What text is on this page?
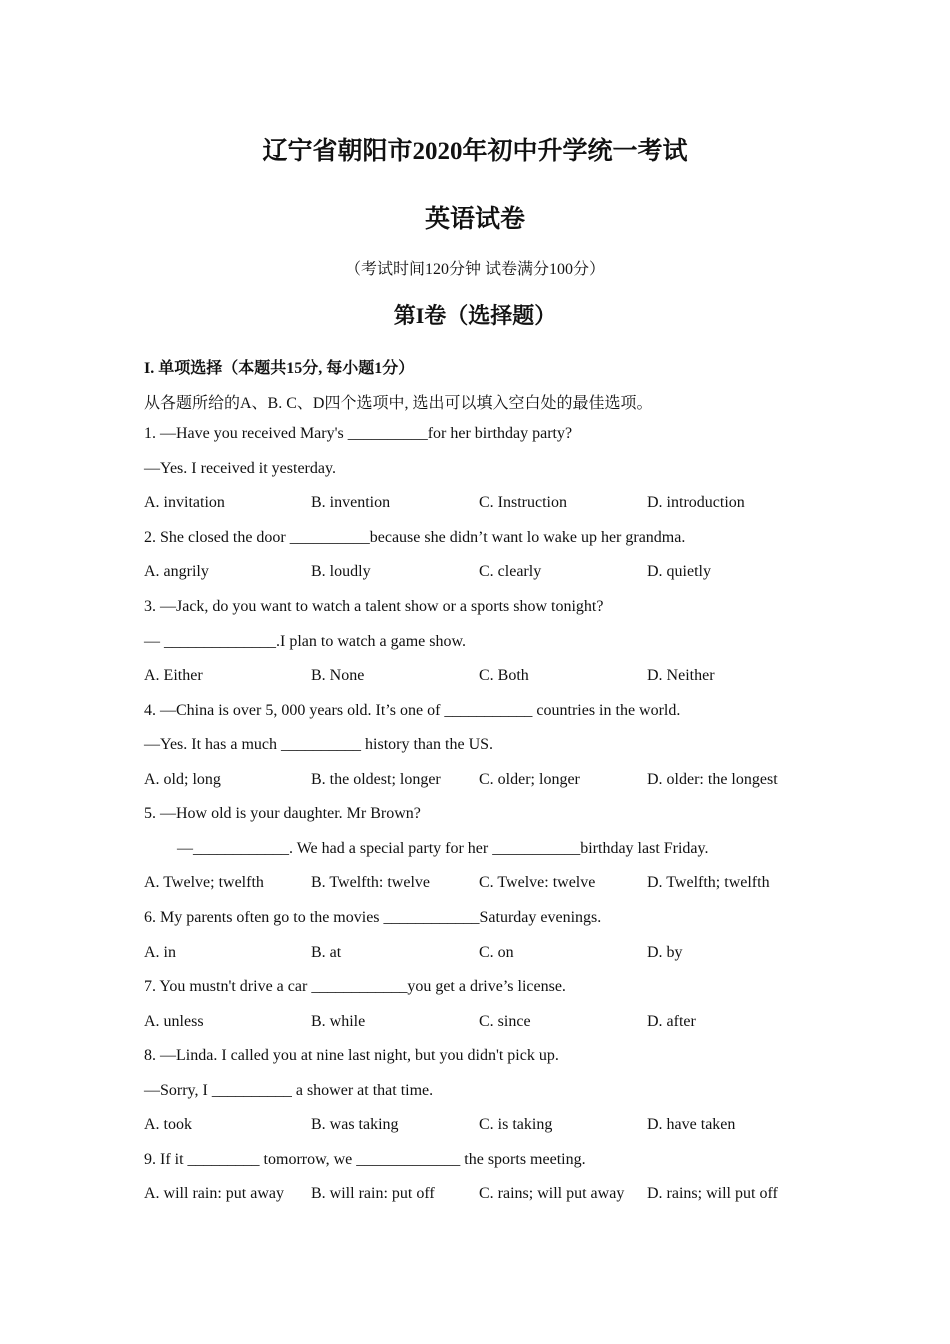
辽宁省朝阳市2020年初中升学统一考试
英语试卷
（考试时间120分钟 试卷满分100分）
第I卷（选择题）
I. 单项选择（本题共15分, 每小题1分）
从各题所给的A、B. C、D四个选项中, 选出可以填入空白处的最佳选项。
1. —Have you received Mary's __________for her birthday party?
—Yes. I received it yesterday.
A. invitation	B. invention	C. Instruction	D. introduction
2. She closed the door __________because she didn’t want lo wake up her grandma.
A. angrily	B. loudly	C. clearly	D. quietly
3. —Jack, do you want to watch a talent show or a sports show tonight?
— ______________.I plan to watch a game show.
A. Either	B. None	C. Both	D. Neither
4. —China is over 5, 000 years old. It’s one of ___________ countries in the world.
—Yes. It has a much __________ history than the US.
A. old; long	B. the oldest; longer C. older; longer	D. older: the longest
5. —How old is your daughter. Mr Brown?
—____________. We had a special party for her ___________birthday last Friday.
A. Twelve; twelfth	B. Twelfth: twelve	C. Twelve: twelve	D. Twelfth; twelfth
6. My parents often go to the movies ____________Saturday evenings.
A. in	B. at	C. on	D. by
7. You mustn't drive a car ____________you get a drive’s license.
A. unless	B. while	C. since	D. after
8. —Linda. I called you at nine last night, but you didn't pick up.
—Sorry, I __________ a shower at that time.
A. took	B. was taking	C. is taking	D. have taken
9. If it _________ tomorrow, we _____________ the sports meeting.
A. will rain: put away B. will rain: put off	C. rains; will put away D. rains; will put off
